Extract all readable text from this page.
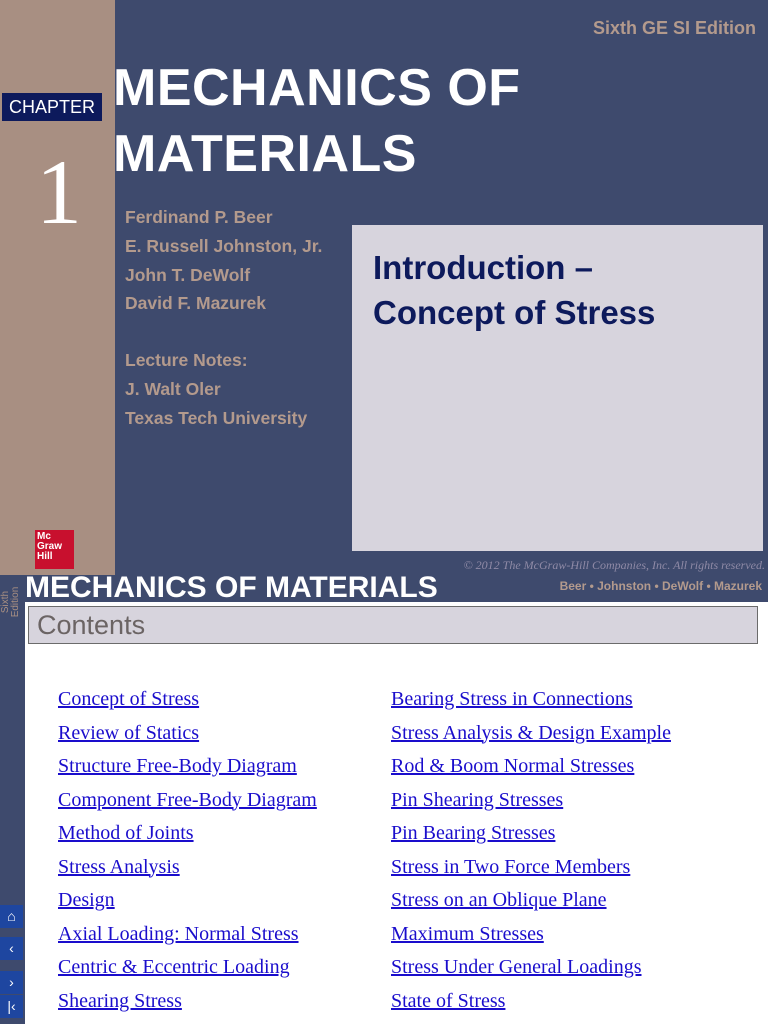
Sixth GE SI Edition
CHAPTER
1
MECHANICS OF
MATERIALS
Ferdinand P. Beer
E. Russell Johnston, Jr.
John T. DeWolf
David F. Mazurek
Lecture Notes:
J. Walt Oler
Texas Tech University
Introduction –
Concept of Stress
Mc
Graw
Hill
© 2012 The McGraw-Hill Companies, Inc. All rights reserved.
Sixth Edition MECHANICS OF MATERIALS	Beer • Johnston • DeWolf • Mazurek
Contents
Concept of Stress
Review of Statics
Structure Free-Body Diagram
Component Free-Body Diagram
Method of Joints
Stress Analysis
Design
Axial Loading: Normal Stress
Centric & Eccentric Loading
Shearing Stress
Bearing Stress in Connections
Stress Analysis & Design Example
Rod & Boom Normal Stresses
Pin Shearing Stresses
Pin Bearing Stresses
Stress in Two Force Members
Stress on an Oblique Plane
Maximum Stresses
Stress Under General Loadings
State of Stress
⌂
‹
›
|‹
